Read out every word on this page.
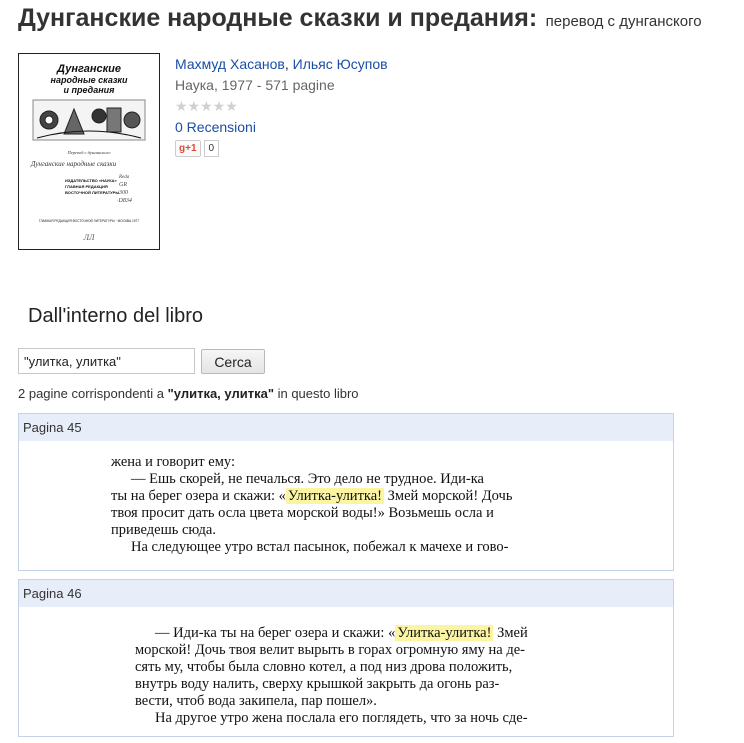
Дунганские народные сказки и предания: перевод с дунганского
Дунганские
народные сказки
и предания
Перевод с дунганского
Дунганские народные сказки
ИЗДАТЕЛЬСТВО «НАУКА»
ГЛАВНАЯ РЕДАКЦИЯ
ВОСТОЧНОЙ ЛИТЕРАТУРЫ
Reda
GR
300
·D834
ГЛАВНАЯ РЕДАКЦИЯ ВОСТОЧНОЙ ЛИТЕРАТУРЫ · МОСКВА 1977
ЛЛ
Махмуд Хасанов, Ильяс Юсупов
Наука, 1977 - 571 pagine
★★★★★
0 Recensioni
g+1	0
Dall'interno del libro
"улитка, улитка"
Cerca
2 pagine corrispondenti a "улитка, улитка" in questo libro
Pagina 45
жена и говорит ему:
— Ешь скорей, не печалься. Это дело не трудное. Иди-ка
ты на берег озера и скажи: « Улитка-улитка! Змей морской! Дочь
твоя просит дать осла цвета морской воды!» Возьмешь осла и
приведешь сюда.
На следующее утро встал пасынок, побежал к мачехе и гово-
Pagina 46
— Иди-ка ты на берег озера и скажи: « Улитка-улитка! Змей
морской! Дочь твоя велит вырыть в горах огромную яму на де-
сять му, чтобы была словно котел, а под низ дрова положить,
внутрь воду налить, сверху крышкой закрыть да огонь раз-
вести, чтоб вода закипела, пар пошел».
На другое утро жена послала его поглядеть, что за ночь сде-
